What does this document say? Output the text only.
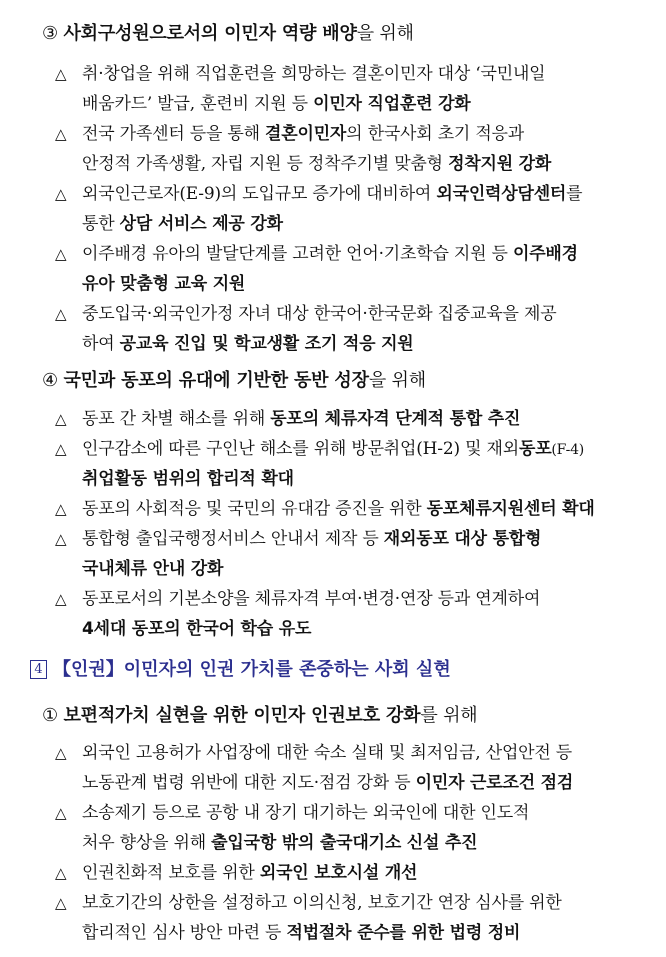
③ 사회구성원으로서의 이민자 역량 배양을 위해
△ 취·창업을 위해 직업훈련을 희망하는 결혼이민자 대상 ‘국민내일
배움카드’ 발급, 훈련비 지원 등 이민자 직업훈련 강화
△ 전국 가족센터 등을 통해 결혼이민자의 한국사회 초기 적응과
안정적 가족생활, 자립 지원 등 정착주기별 맞춤형 정착지원 강화
△ 외국인근로자(E-9)의 도입규모 증가에 대비하여 외국인력상담센터를
통한 상담 서비스 제공 강화
△ 이주배경 유아의 발달단계를 고려한 언어·기초학습 지원 등 이주배경
유아 맞춤형 교육 지원
△ 중도입국·외국인가정 자녀 대상 한국어·한국문화 집중교육을 제공
하여 공교육 진입 및 학교생활 조기 적응 지원
④ 국민과 동포의 유대에 기반한 동반 성장을 위해
△ 동포 간 차별 해소를 위해 동포의 체류자격 단계적 통합 추진
△ 인구감소에 따른 구인난 해소를 위해 방문취업(H-2) 및 재외동포(F-4)
취업활동 범위의 합리적 확대
△ 동포의 사회적응 및 국민의 유대감 증진을 위한 동포체류지원센터 확대
△ 통합형 출입국행정서비스 안내서 제작 등 재외동포 대상 통합형
국내체류 안내 강화
△ 동포로서의 기본소양을 체류자격 부여·변경·연장 등과 연계하여
4세대 동포의 한국어 학습 유도
4 【인권】이민자의 인권 가치를 존중하는 사회 실현
① 보편적가치 실현을 위한 이민자 인권보호 강화를 위해
△ 외국인 고용허가 사업장에 대한 숙소 실태 및 최저임금, 산업안전 등
노동관계 법령 위반에 대한 지도·점검 강화 등 이민자 근로조건 점검
△ 소송제기 등으로 공항 내 장기 대기하는 외국인에 대한 인도적
처우 향상을 위해 출입국항 밖의 출국대기소 신설 추진
△ 인권친화적 보호를 위한 외국인 보호시설 개선
△ 보호기간의 상한을 설정하고 이의신청, 보호기간 연장 심사를 위한
합리적인 심사 방안 마련 등 적법절차 준수를 위한 법령 정비
